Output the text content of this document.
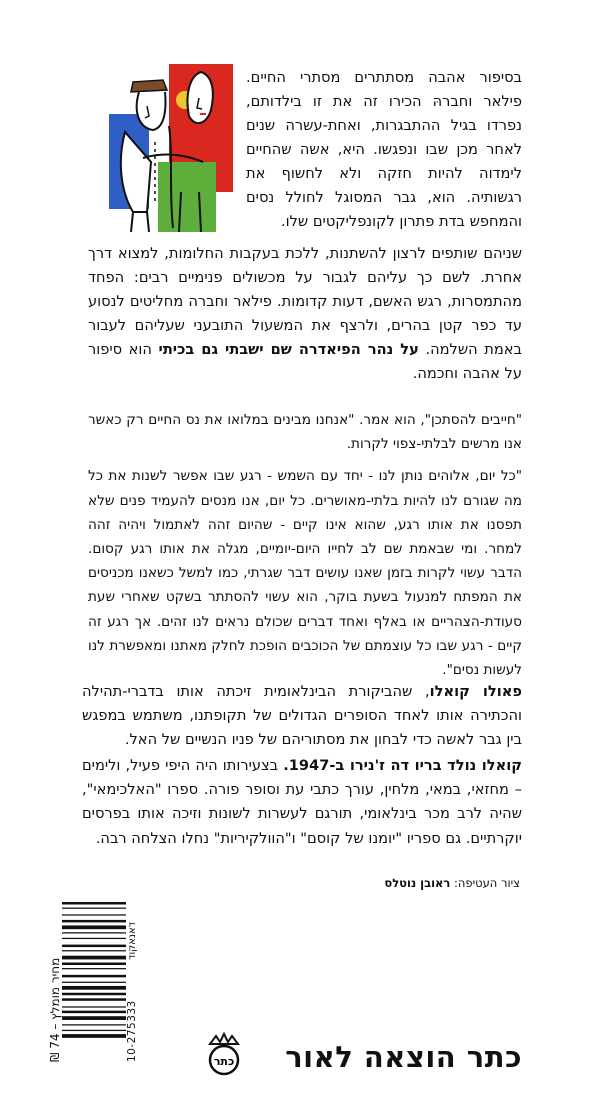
בסיפור אהבה מסתתרים מסתרי החיים. פילאר וחברהּ הכירו זה את זו בילדותם, נפרדו בגיל ההתבגרות, ואחת-עשרה שנים לאחר מכן שבו ונפגשו. היא, אשה שהחיים לימדוה להיות חזקה ולא לחשוף את רגשותיה. הוא, גבר המסוגל לחולל נסים והמחפש בדת פתרון לקונפליקטים שלו.

שניהם שותפים לרצון להשתנות, ללכת בעקבות החלומות, למצוא דרך אחרת. לשם כך עליהם לגבור על מכשולים פנימיים רבים: הפחד מהתמסרות, רגש האשם, דעות קדומות. פילאר וחברה מחליטים לנסוע עד כפר קטן בהרים, ולרצף את המשעול התובעני שעליהם לעבור באמת השלמה. על נהר הפיאדרה שם ישבתי גם בכיתי הוא סיפור על אהבה וחכמה.

"חייבים להסתכן", הוא אמר. "אנחנו מבינים במלואו את נס החיים רק כאשר אנו מרשים לבלתי-צפוי לקרות.
"כל יום, אלוהים נותן לנו - יחד עם השמש - רגע שבו אפשר לשנות את כל מה שגורם לנו להיות בלתי-מאושרים. כל יום, אנו מנסים להעמיד פנים שלא תפסנו את אותו רגע, שהוא אינו קיים - שהיום זהה לאתמול ויהיה זהה למחר. ומי שבאמת שם לב לחייו היום-יומיים, מגלה את אותו רגע קסום. הדבר עשוי לקרות בזמן שאנו עושים דבר שגרתי, כמו למשל כשאנו מכניסים את המפתח למנעול בשעת בוקר, הוא עשוי להסתתר בשקט שאחרי שעת סעודת-הצהריים או באלף ואחד דברים שכולם נראים לנו זהים. אך רגע זה קיים - רגע שבו כל עוצמתם של הכוכבים הופכת לחלק מאתנו ומאפשרת לנו לעשות נסים".
פאולו קואלו, שהביקורת הבינלאומית זיכתה אותו בדברי-תהילה והכתירה אותו לאחד הסופרים הגדולים של תקופתנו, משתמש במפגש בין גבר לאשה כדי לבחון את מסתוריהם של פניו הנשיים של האל.
קואלו נולד בריו דה ז'נירו ב-1947. בצעירותו היה היפי פעיל, ולימים – מחזאי, במאי, מלחין, עורך כתבי עת וסופר פורה. ספרו "האלכימאי", שהיה לרב מכר בינלאומי, תורגם לעשרות לשונות וזיכה אותו בפרסים יוקרתיים. גם ספריו "יומנו של קוסם" ו"הוולקיריות" נחלו הצלחה רבה.
ציור העטיפה: ראובן נוטלס
מחיר מומלץ – 74 ₪	10-275333
דאנאקוד
כתר כתר הוצאה לאור
